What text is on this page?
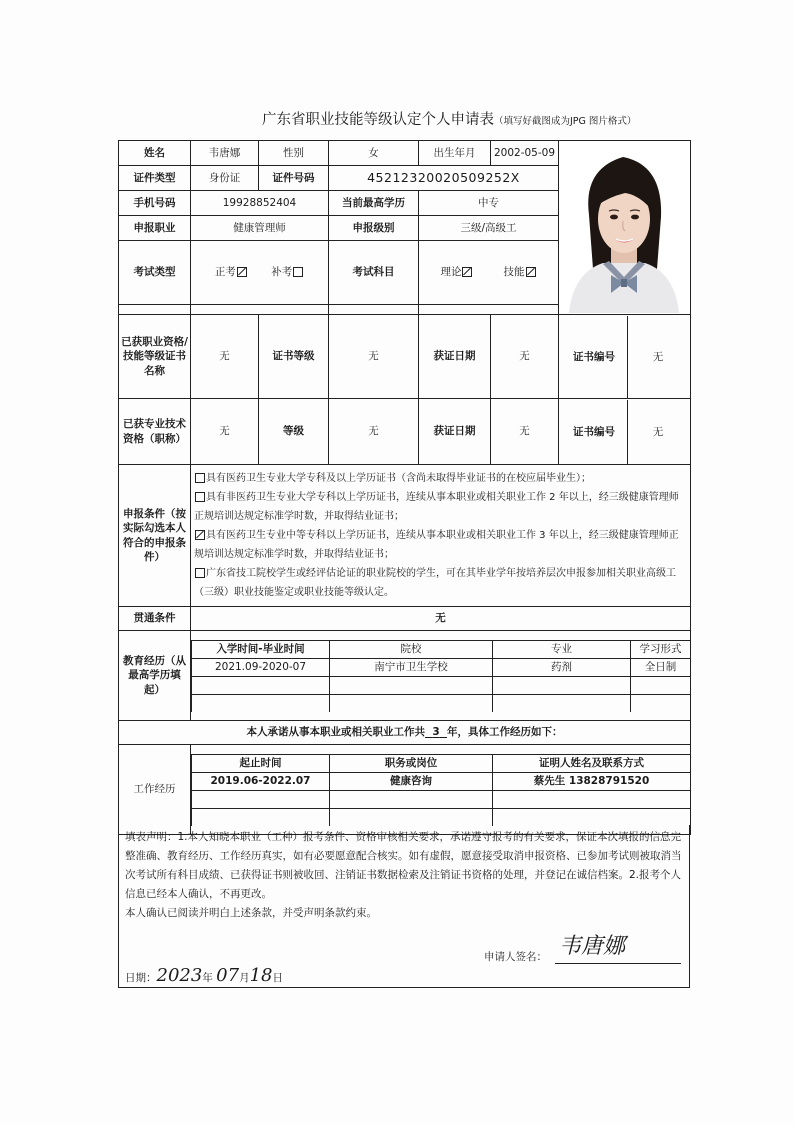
广东省职业技能等级认定个人申请表（填写好截图成为JPG 图片格式）
姓名	韦唐娜	性别	女	出生年月	2002-05-09	

证件类型	身份证	证件号码	45212320020509252X
手机号码	19928852404	当前最高学历	中专
申报职业	健康管理师	申报级别	三级/高级工
考试类型	正考	补考	考试科目	理论	技能

已获职业资格/技能等级证书名称	无	证书等级	无	获证日期	无	证书编号	无
已获专业技术资格（职称）	无	等级	无	获证日期	无	证书编号	无
申报条件（按实际勾选本人符合的申报条件）	
具有医药卫生专业大学专科及以上学历证书（含尚未取得毕业证书的在校应届毕业生）；
具有非医药卫生专业大学专科以上学历证书，连续从事本职业或相关职业工作 2 年以上，经三级健康管理师正规培训达规定标准学时数，并取得结业证书；
具有医药卫生专业中等专科以上学历证书，连续从事本职业或相关职业工作 3 年以上，经三级健康管理师正规培训达规定标准学时数，并取得结业证书；
广东省技工院校学生或经评估论证的职业院校的学生，可在其毕业学年按培养层次申报参加相关职业高级工（三级）职业技能鉴定或职业技能等级认定。

贯通条件	无
教育经历（从最高学历填起）	
入学时间-毕业时间	院校	专业	学习形式
2021.09-2020-07	南宁市卫生学校	药剂	全日制

本人承诺从事本职业或相关职业工作共 3 年，具体工作经历如下：
工作经历	
起止时间	职务或岗位	证明人姓名及联系方式
2019.06-2022.07	健康咨询	蔡先生 13828791520

填表声明：1.本人知晓本职业（工种）报考条件、资格审核相关要求，承诺遵守报考的有关要求，保证本次填报的信息完整准确、教育经历、工作经历真实，如有必要愿意配合核实。如有虚假，愿意接受取消申报资格、已参加考试则被取消当次考试所有科目成绩、已获得证书则被收回、注销证书数据检索及注销证书资格的处理，并登记在诚信档案。2.报考个人信息已经本人确认，不再更改。
本人确认已阅读并明白上述条款，并受声明条款约束。
申请人签名： 韦唐娜
日期：2023年 07月18日
